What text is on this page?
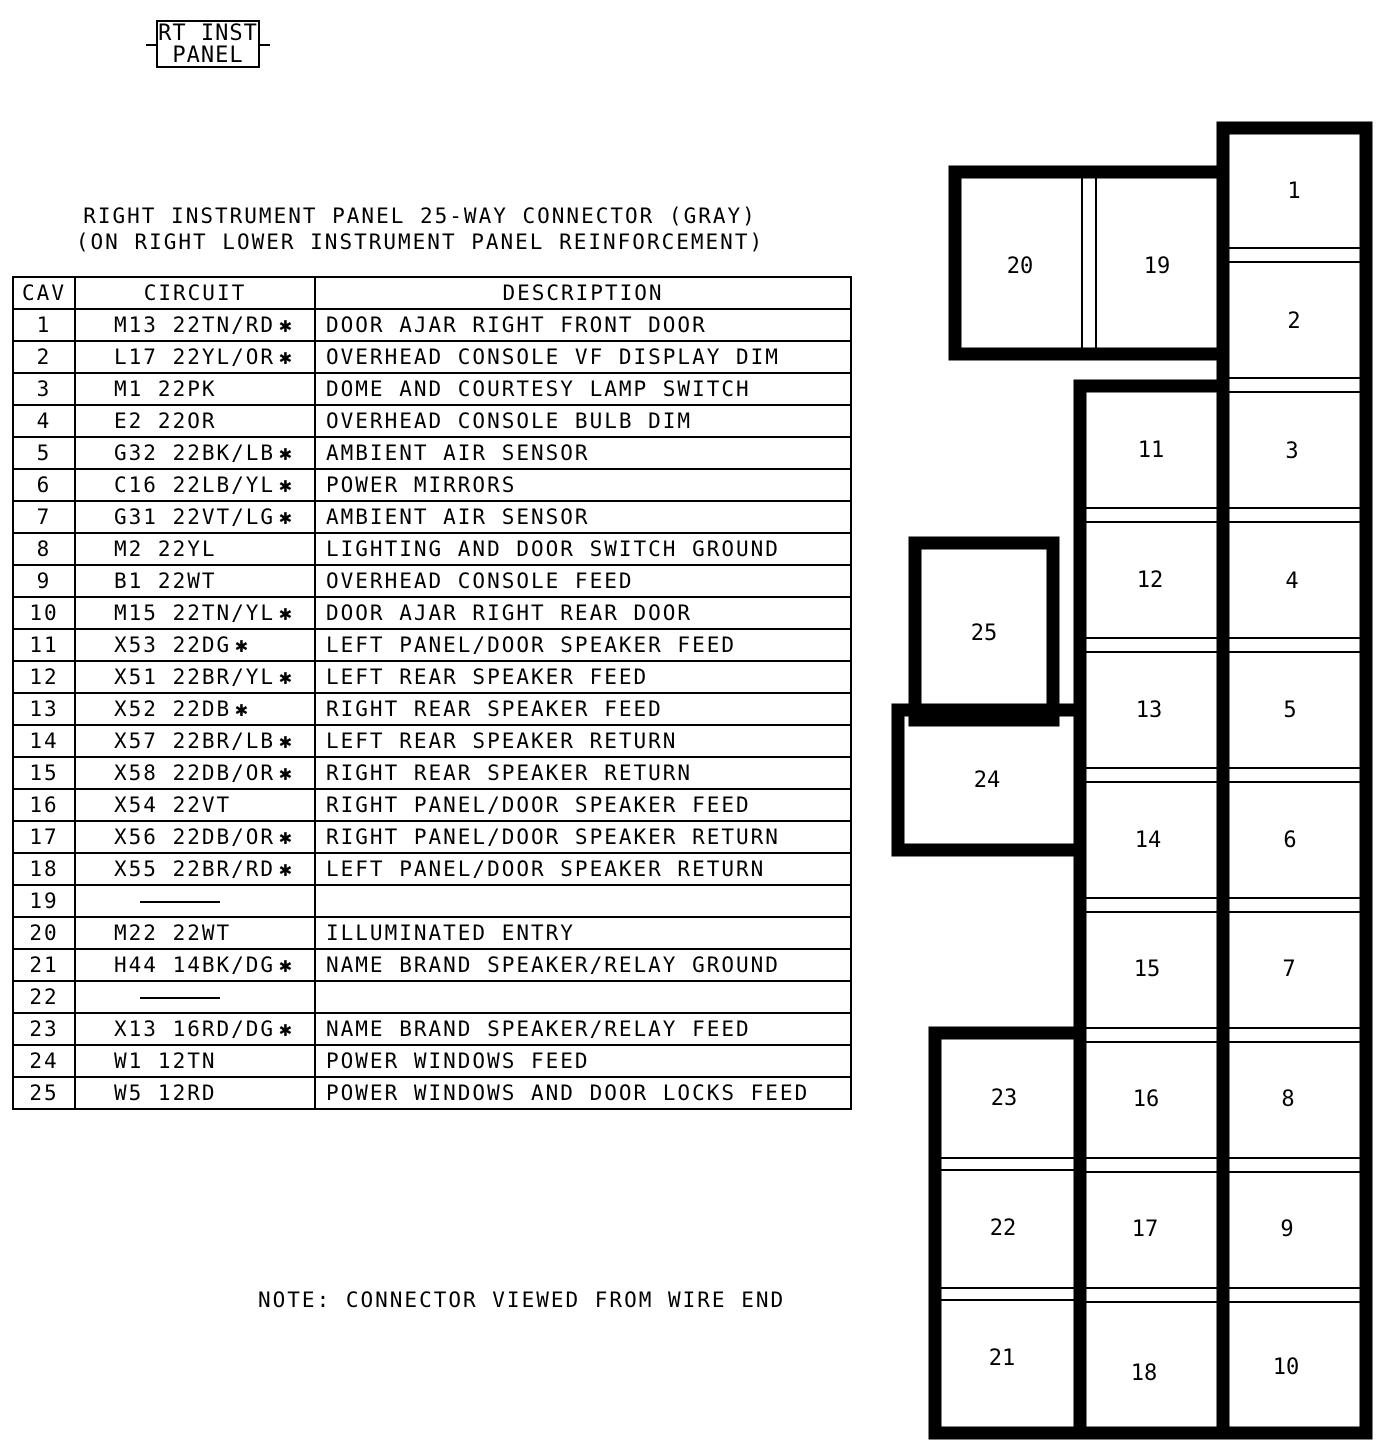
RT INST
PANEL
RIGHT INSTRUMENT PANEL 25-WAY CONNECTOR (GRAY)
(ON RIGHT LOWER INSTRUMENT PANEL REINFORCEMENT)
CAV	CIRCUIT	DESCRIPTION
1	M13 22TN/RD ✱	DOOR AJAR RIGHT FRONT DOOR
2	L17 22YL/OR ✱	OVERHEAD CONSOLE VF DISPLAY DIM
3	M1 22PK	DOME AND COURTESY LAMP SWITCH
4	E2 22OR	OVERHEAD CONSOLE BULB DIM
5	G32 22BK/LB ✱	AMBIENT AIR SENSOR
6	C16 22LB/YL ✱	POWER MIRRORS
7	G31 22VT/LG ✱	AMBIENT AIR SENSOR
8	M2 22YL	LIGHTING AND DOOR SWITCH GROUND
9	B1 22WT	OVERHEAD CONSOLE FEED
10	M15 22TN/YL ✱	DOOR AJAR RIGHT REAR DOOR
11	X53 22DG ✱	LEFT PANEL/DOOR SPEAKER FEED
12	X51 22BR/YL ✱	LEFT REAR SPEAKER FEED
13	X52 22DB ✱	RIGHT REAR SPEAKER FEED
14	X57 22BR/LB ✱	LEFT REAR SPEAKER RETURN
15	X58 22DB/OR ✱	RIGHT REAR SPEAKER RETURN
16	X54 22VT	RIGHT PANEL/DOOR SPEAKER FEED
17	X56 22DB/OR ✱	RIGHT PANEL/DOOR SPEAKER RETURN
18	X55 22BR/RD ✱	LEFT PANEL/DOOR SPEAKER RETURN
19		
20	M22 22WT	ILLUMINATED ENTRY
21	H44 14BK/DG ✱	NAME BRAND SPEAKER/RELAY GROUND
22		
23	X13 16RD/DG ✱	NAME BRAND SPEAKER/RELAY FEED
24	W1 12TN	POWER WINDOWS FEED
25	W5 12RD	POWER WINDOWS AND DOOR LOCKS FEED
NOTE: CONNECTOR VIEWED FROM WIRE END
1
2
3
4
5
6
7
8
9
10
11
12
13
14
15
16
17
18
19
20
21
22
23
24
25
